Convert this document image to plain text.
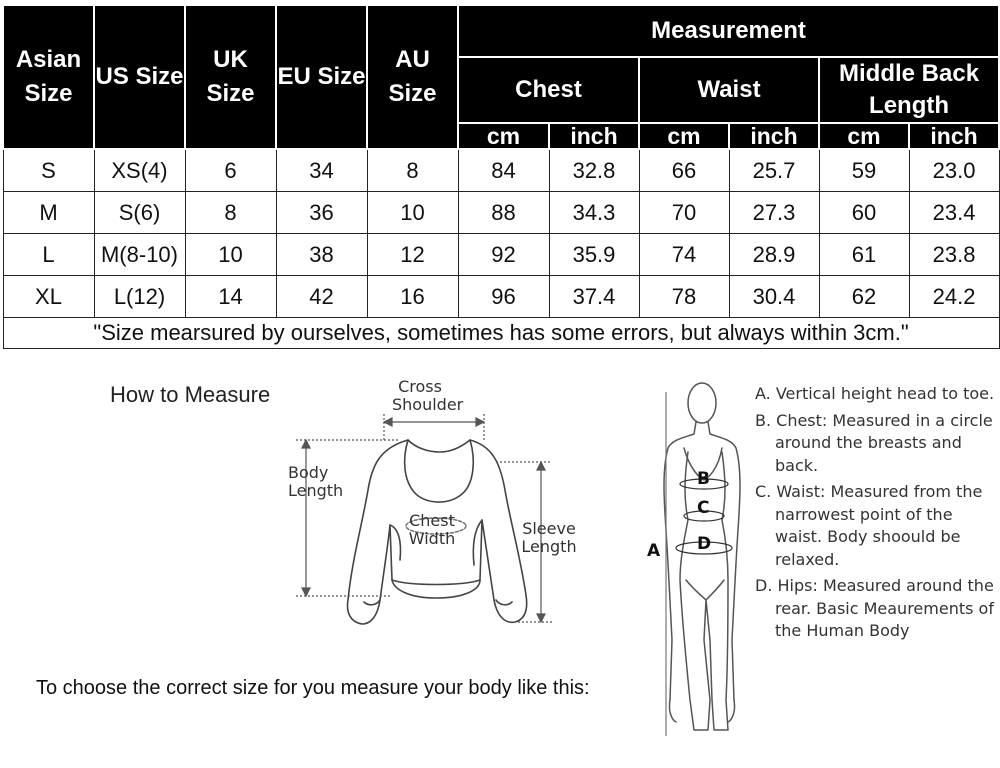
Asian Size	US Size	UK Size	EU Size	AU Size	Measurement					
					Chest		Waist		Middle Back Length	
					cm	inch	cm	inch	cm	inch
S	XS(4)	6	34	8	84	32.8	66	25.7	59	23.0
M	S(6)	8	36	10	88	34.3	70	27.3	60	23.4
L	M(8-10)	10	38	12	92	35.9	74	28.9	61	23.8
XL	L(12)	14	42	16	96	37.4	78	30.4	62	24.2
"Size mearsured by ourselves, sometimes has some errors, but always within 3cm."										
How to Measure
To choose the correct size for you measure your body like this:
Cross Shoulder
Body Length
Chest Width
Sleeve Length	A
B
C
D
A. Vertical height head to toe.
B. Chest: Measured in a circle around the breasts and back.
C. Waist: Measured from the narrowest point of the waist. Body shoould be relaxed.
D. Hips: Measured around the rear. Basic Meaurements of the Human Body
